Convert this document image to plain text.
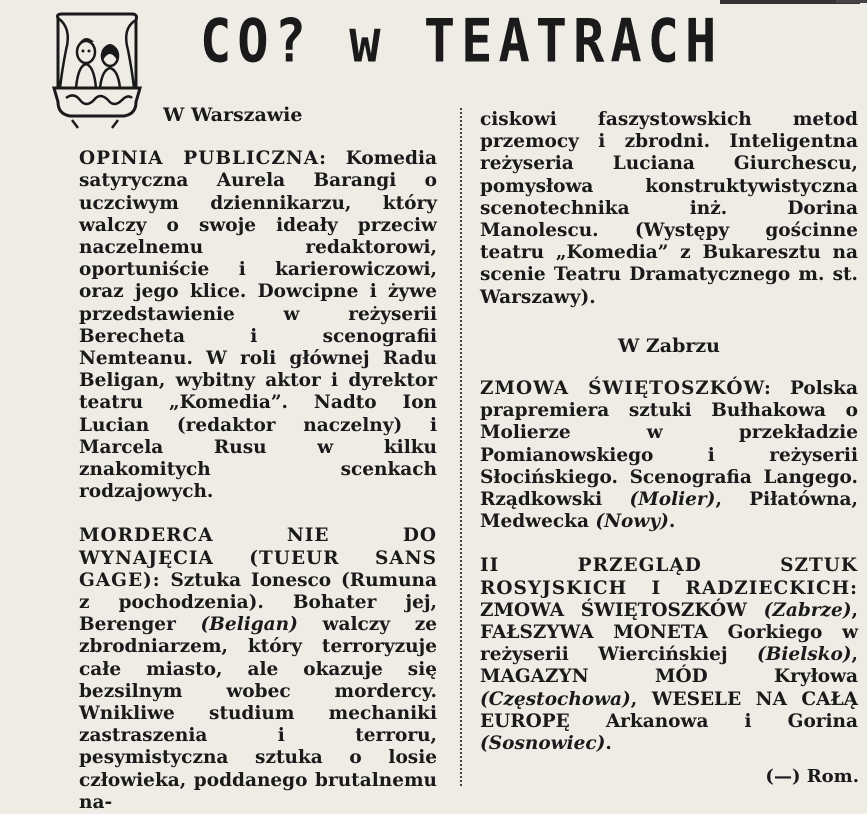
CO? w TEATRACH
W Warszawie

OPINIA PUBLICZNA: Komedia satyryczna Aurela Barangi o uczciwym dziennikarzu, który walczy o swoje ideały przeciw naczelnemu redaktorowi, oportuniście i karierowiczowi, oraz jego klice. Dowcipne i żywe przedstawienie w reżyserii Berecheta i scenografii Nemteanu. W roli głównej Radu Beligan, wybitny aktor i dyrektor teatru „Komedia”. Nadto Ion Lucian (redaktor naczelny) i Marcela Rusu w kilku znakomitych scenkach rodzajowych.

MORDERCA NIE DO WYNAJĘCIA (TUEUR SANS GAGE): Sztuka Ionesco (Rumuna z pochodzenia). Bohater jej, Berenger (Beligan) walczy ze zbrodniarzem, który terroryzuje całe miasto, ale okazuje się bezsilnym wobec mordercy. Wnikliwe studium mechaniki zastraszenia i terroru, pesymistyczna sztuka o losie człowieka, poddanego brutalnemu na-

ciskowi faszystowskich metod przemocy i zbrodni. Inteligentna reżyseria Luciana Giurchescu, pomysłowa konstruktywistyczna scenotechnika inż. Dorina Manolescu. (Występy gościnne teatru „Komedia” z Bukaresztu na scenie Teatru Dramatycznego m. st. Warszawy).

W Zabrzu

ZMOWA ŚWIĘTOSZKÓW: Polska prapremiera sztuki Bułhakowa o Molierze w przekładzie Pomianowskiego i reżyserii Słocińskiego. Scenografia Langego. Rządkowski (Molier), Piłatówna, Medwecka (Nowy).

II PRZEGLĄD SZTUK ROSYJSKICH I RADZIECKICH: ZMOWA ŚWIĘTOSZKÓW (Zabrze), FAŁSZYWA MONETA Gorkiego w reżyserii Wiercińskiej (Bielsko), MAGAZYN MÓD Kryłowa (Częstochowa), WESELE NA CAŁĄ EUROPĘ Arkanowa i Gorina (Sosnowiec).

(—) Rom.
